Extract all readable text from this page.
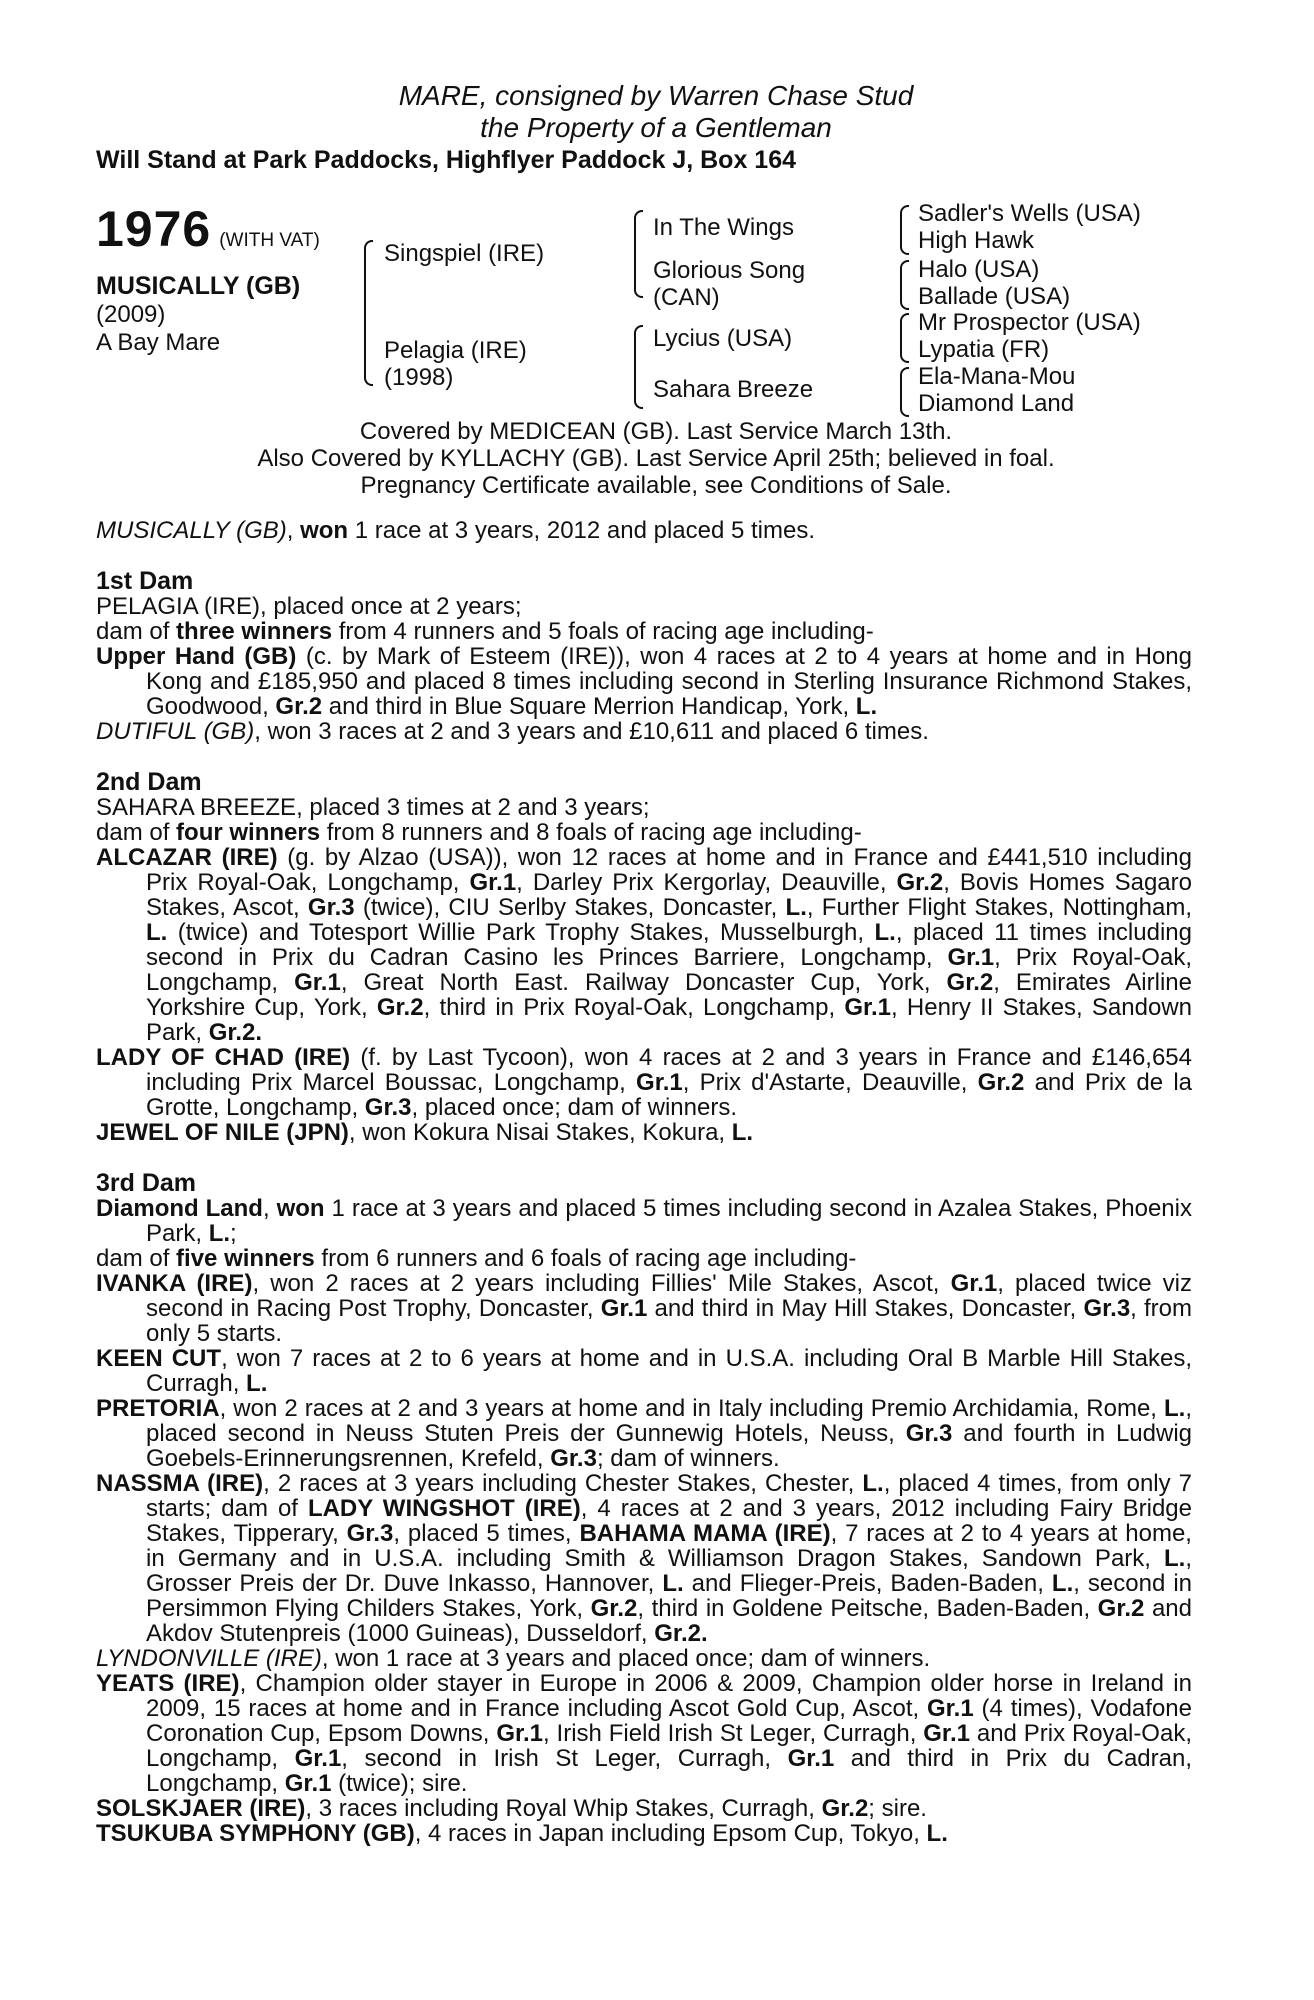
MARE, consigned by Warren Chase Stud
the Property of a Gentleman
Will Stand at Park Paddocks, Highflyer Paddock J, Box 164
1976 (WITH VAT)
MUSICALLY (GB)
(2009)
A Bay Mare
Singspiel (IRE)
Pelagia (IRE)
(1998)
In The Wings
Glorious Song
(CAN)
Lycius (USA)
Sahara Breeze
Sadler's Wells (USA)
High Hawk
Halo (USA)
Ballade (USA)
Mr Prospector (USA)
Lypatia (FR)
Ela-Mana-Mou
Diamond Land
Covered by MEDICEAN (GB). Last Service March 13th.
Also Covered by KYLLACHY (GB). Last Service April 25th; believed in foal.
Pregnancy Certificate available, see Conditions of Sale.

MUSICALLY (GB), won 1 race at 3 years, 2012 and placed 5 times.

1st Dam

PELAGIA (IRE), placed once at 2 years;

dam of three winners from 4 runners and 5 foals of racing age including-

Upper Hand (GB) (c. by Mark of Esteem (IRE)), won 4 races at 2 to 4 years at home and in Hong Kong and £185,950 and placed 8 times including second in Sterling Insurance Richmond Stakes, Goodwood, Gr.2 and third in Blue Square Merrion Handicap, York, L.

DUTIFUL (GB), won 3 races at 2 and 3 years and £10,611 and placed 6 times.

2nd Dam

SAHARA BREEZE, placed 3 times at 2 and 3 years;

dam of four winners from 8 runners and 8 foals of racing age including-

ALCAZAR (IRE) (g. by Alzao (USA)), won 12 races at home and in France and £441,510 including Prix Royal-Oak, Longchamp, Gr.1, Darley Prix Kergorlay, Deauville, Gr.2, Bovis Homes Sagaro Stakes, Ascot, Gr.3 (twice), CIU Serlby Stakes, Doncaster, L., Further Flight Stakes, Nottingham, L. (twice) and Totesport Willie Park Trophy Stakes, Musselburgh, L., placed 11 times including second in Prix du Cadran Casino les Princes Barriere, Longchamp, Gr.1, Prix Royal-Oak, Longchamp, Gr.1, Great North East. Railway Doncaster Cup, York, Gr.2, Emirates Airline Yorkshire Cup, York, Gr.2, third in Prix Royal-Oak, Longchamp, Gr.1, Henry II Stakes, Sandown Park, Gr.2.

LADY OF CHAD (IRE) (f. by Last Tycoon), won 4 races at 2 and 3 years in France and £146,654 including Prix Marcel Boussac, Longchamp, Gr.1, Prix d'Astarte, Deauville, Gr.2 and Prix de la Grotte, Longchamp, Gr.3, placed once; dam of winners.

JEWEL OF NILE (JPN), won Kokura Nisai Stakes, Kokura, L.

3rd Dam

Diamond Land, won 1 race at 3 years and placed 5 times including second in Azalea Stakes, Phoenix Park, L.;

dam of five winners from 6 runners and 6 foals of racing age including-

IVANKA (IRE), won 2 races at 2 years including Fillies' Mile Stakes, Ascot, Gr.1, placed twice viz second in Racing Post Trophy, Doncaster, Gr.1 and third in May Hill Stakes, Doncaster, Gr.3, from only 5 starts.

KEEN CUT, won 7 races at 2 to 6 years at home and in U.S.A. including Oral B Marble Hill Stakes, Curragh, L.

PRETORIA, won 2 races at 2 and 3 years at home and in Italy including Premio Archidamia, Rome, L., placed second in Neuss Stuten Preis der Gunnewig Hotels, Neuss, Gr.3 and fourth in Ludwig Goebels-Erinnerungsrennen, Krefeld, Gr.3; dam of winners.

NASSMA (IRE), 2 races at 3 years including Chester Stakes, Chester, L., placed 4 times, from only 7 starts; dam of LADY WINGSHOT (IRE), 4 races at 2 and 3 years, 2012 including Fairy Bridge Stakes, Tipperary, Gr.3, placed 5 times, BAHAMA MAMA (IRE), 7 races at 2 to 4 years at home, in Germany and in U.S.A. including Smith & Williamson Dragon Stakes, Sandown Park, L., Grosser Preis der Dr. Duve Inkasso, Hannover, L. and Flieger-Preis, Baden-Baden, L., second in Persimmon Flying Childers Stakes, York, Gr.2, third in Goldene Peitsche, Baden-Baden, Gr.2 and Akdov Stutenpreis (1000 Guineas), Dusseldorf, Gr.2.

LYNDONVILLE (IRE), won 1 race at 3 years and placed once; dam of winners.

YEATS (IRE), Champion older stayer in Europe in 2006 & 2009, Champion older horse in Ireland in 2009, 15 races at home and in France including Ascot Gold Cup, Ascot, Gr.1 (4 times), Vodafone Coronation Cup, Epsom Downs, Gr.1, Irish Field Irish St Leger, Curragh, Gr.1 and Prix Royal-Oak, Longchamp, Gr.1, second in Irish St Leger, Curragh, Gr.1 and third in Prix du Cadran, Longchamp, Gr.1 (twice); sire.

SOLSKJAER (IRE), 3 races including Royal Whip Stakes, Curragh, Gr.2; sire.

TSUKUBA SYMPHONY (GB), 4 races in Japan including Epsom Cup, Tokyo, L.
